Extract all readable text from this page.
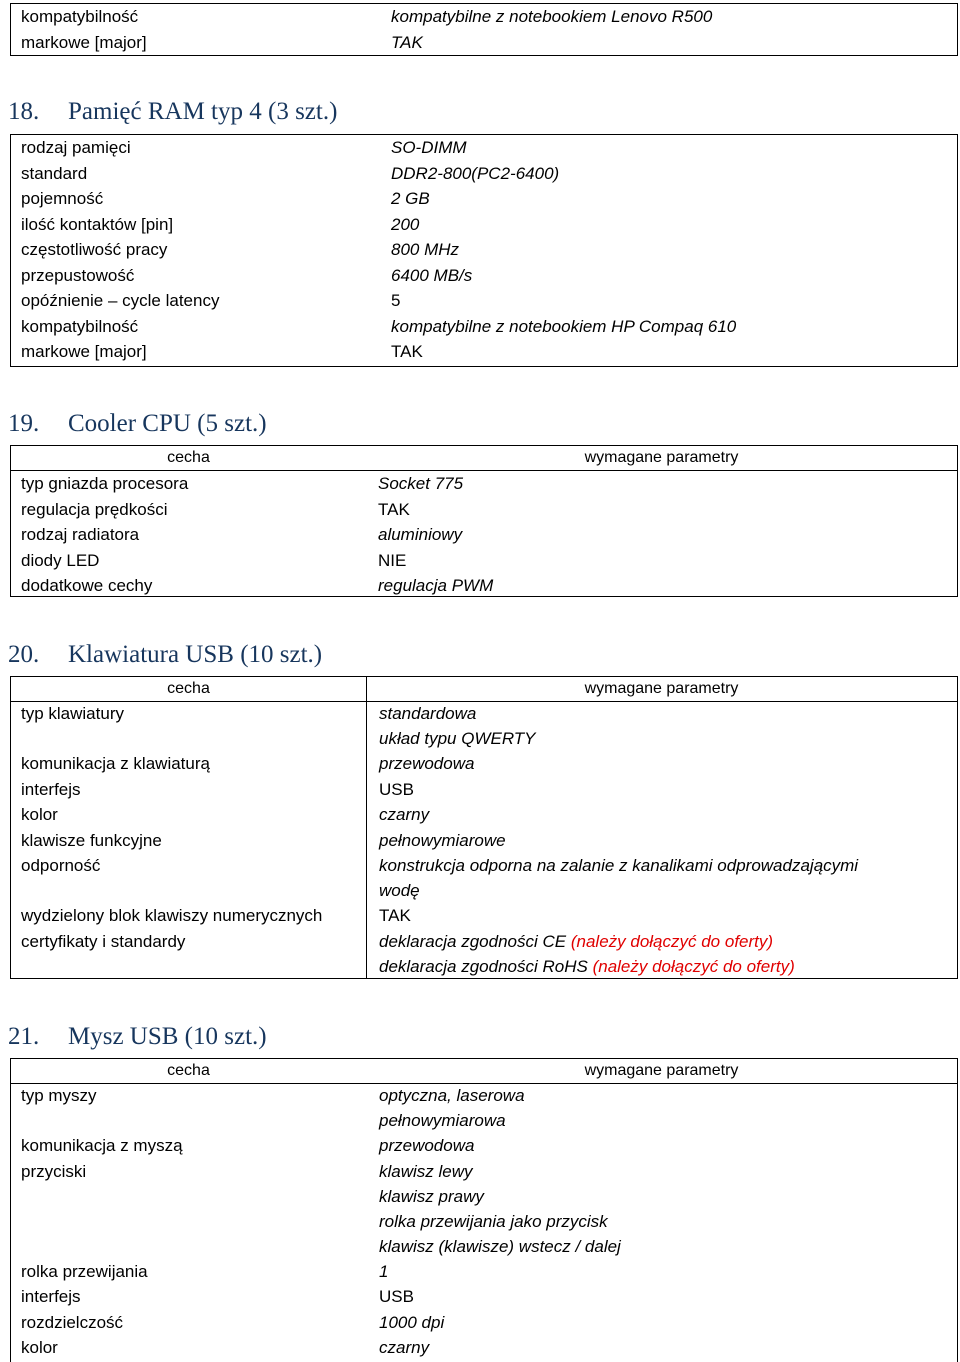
kompatybilność	kompatybilne z notebookiem Lenovo R500
markowe [major]	TAK
18. Pamięć RAM typ 4 (3 szt.)
rodzaj pamięci	SO-DIMM
standard	DDR2-800(PC2-6400)
pojemność	2 GB
ilość kontaktów [pin]	200
częstotliwość pracy	800 MHz
przepustowość	6400 MB/s
opóźnienie – cycle latency	5
kompatybilność	kompatybilne z notebookiem HP Compaq 610
markowe [major]	TAK
19. Cooler CPU (5 szt.)
cecha	wymagane parametry
typ gniazda procesora	Socket 775
regulacja prędkości	TAK
rodzaj radiatora	aluminiowy
diody LED	NIE
dodatkowe cechy	regulacja PWM
20. Klawiatura USB (10 szt.)
cecha	wymagane parametry
typ klawiatury	standardowa
układ typu QWERTY
komunikacja z klawiaturą	przewodowa
interfejs	USB
kolor	czarny
klawisze funkcyjne	pełnowymiarowe
odporność	konstrukcja odporna na zalanie z kanalikami odprowadzającymi
wodę
wydzielony blok klawiszy numerycznych	TAK
certyfikaty i standardy	deklaracja zgodności CE (należy dołączyć do oferty)
deklaracja zgodności RoHS (należy dołączyć do oferty)
21. Mysz USB (10 szt.)
cecha	wymagane parametry
typ myszy	optyczna, laserowa
pełnowymiarowa
komunikacja z myszą	przewodowa
przyciski	klawisz lewy
klawisz prawy
rolka przewijania jako przycisk
klawisz (klawisze) wstecz / dalej
rolka przewijania	1
interfejs	USB
rozdzielczość	1000 dpi
kolor	czarny
